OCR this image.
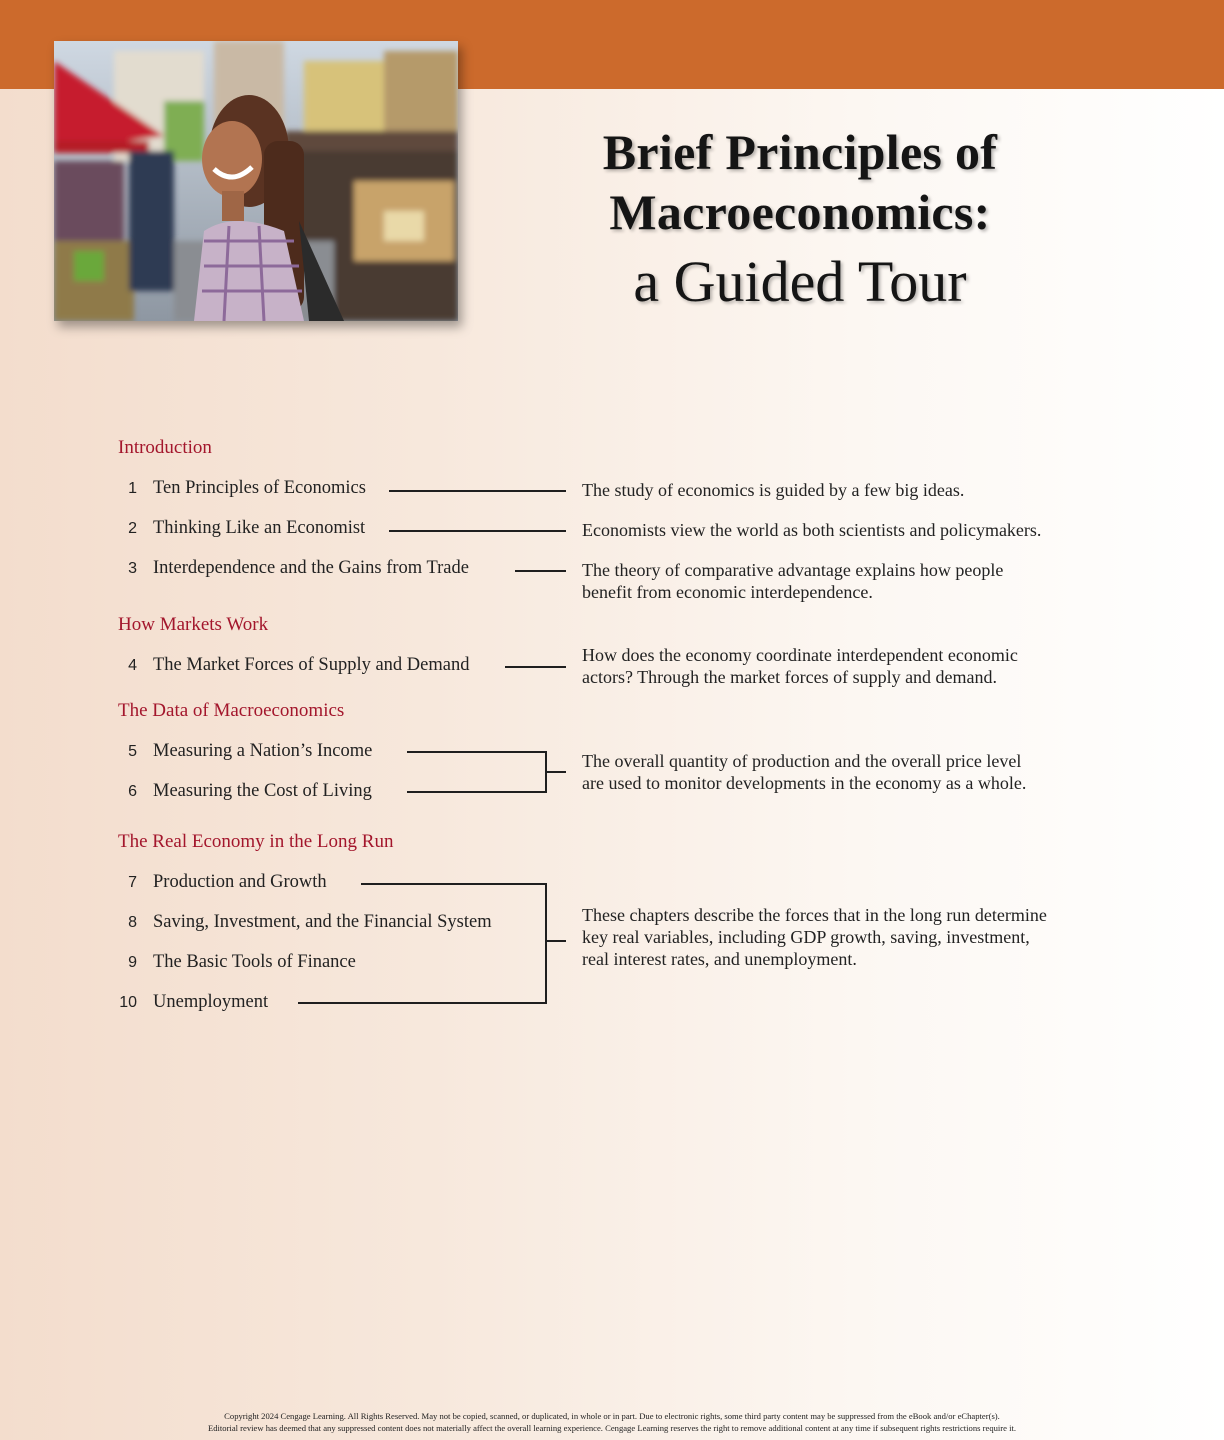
Brief Principles of
Macroeconomics:
a Guided Tour
Introduction
How Markets Work
The Data of Macroeconomics
The Real Economy in the Long Run
1
2
3
4
5
6
7
8
9
10
Ten Principles of Economics
Thinking Like an Economist
Interdependence and the Gains from Trade
The Market Forces of Supply and Demand
Measuring a Nation’s Income
Measuring the Cost of Living
Production and Growth
Saving, Investment, and the Financial System
The Basic Tools of Finance
Unemployment
The study of economics is guided by a few big ideas.
Economists view the world as both scientists and policymakers.
The theory of comparative advantage explains how people
benefit from economic interdependence.
How does the economy coordinate interdependent economic
actors? Through the market forces of supply and demand.
The overall quantity of production and the overall price level
are used to monitor developments in the economy as a whole.
These chapters describe the forces that in the long run determine
key real variables, including GDP growth, saving, investment,
real interest rates, and unemployment.
Copyright 2024 Cengage Learning. All Rights Reserved. May not be copied, scanned, or duplicated, in whole or in part. Due to electronic rights, some third party content may be suppressed from the eBook and/or eChapter(s).
Editorial review has deemed that any suppressed content does not materially affect the overall learning experience. Cengage Learning reserves the right to remove additional content at any time if subsequent rights restrictions require it.
